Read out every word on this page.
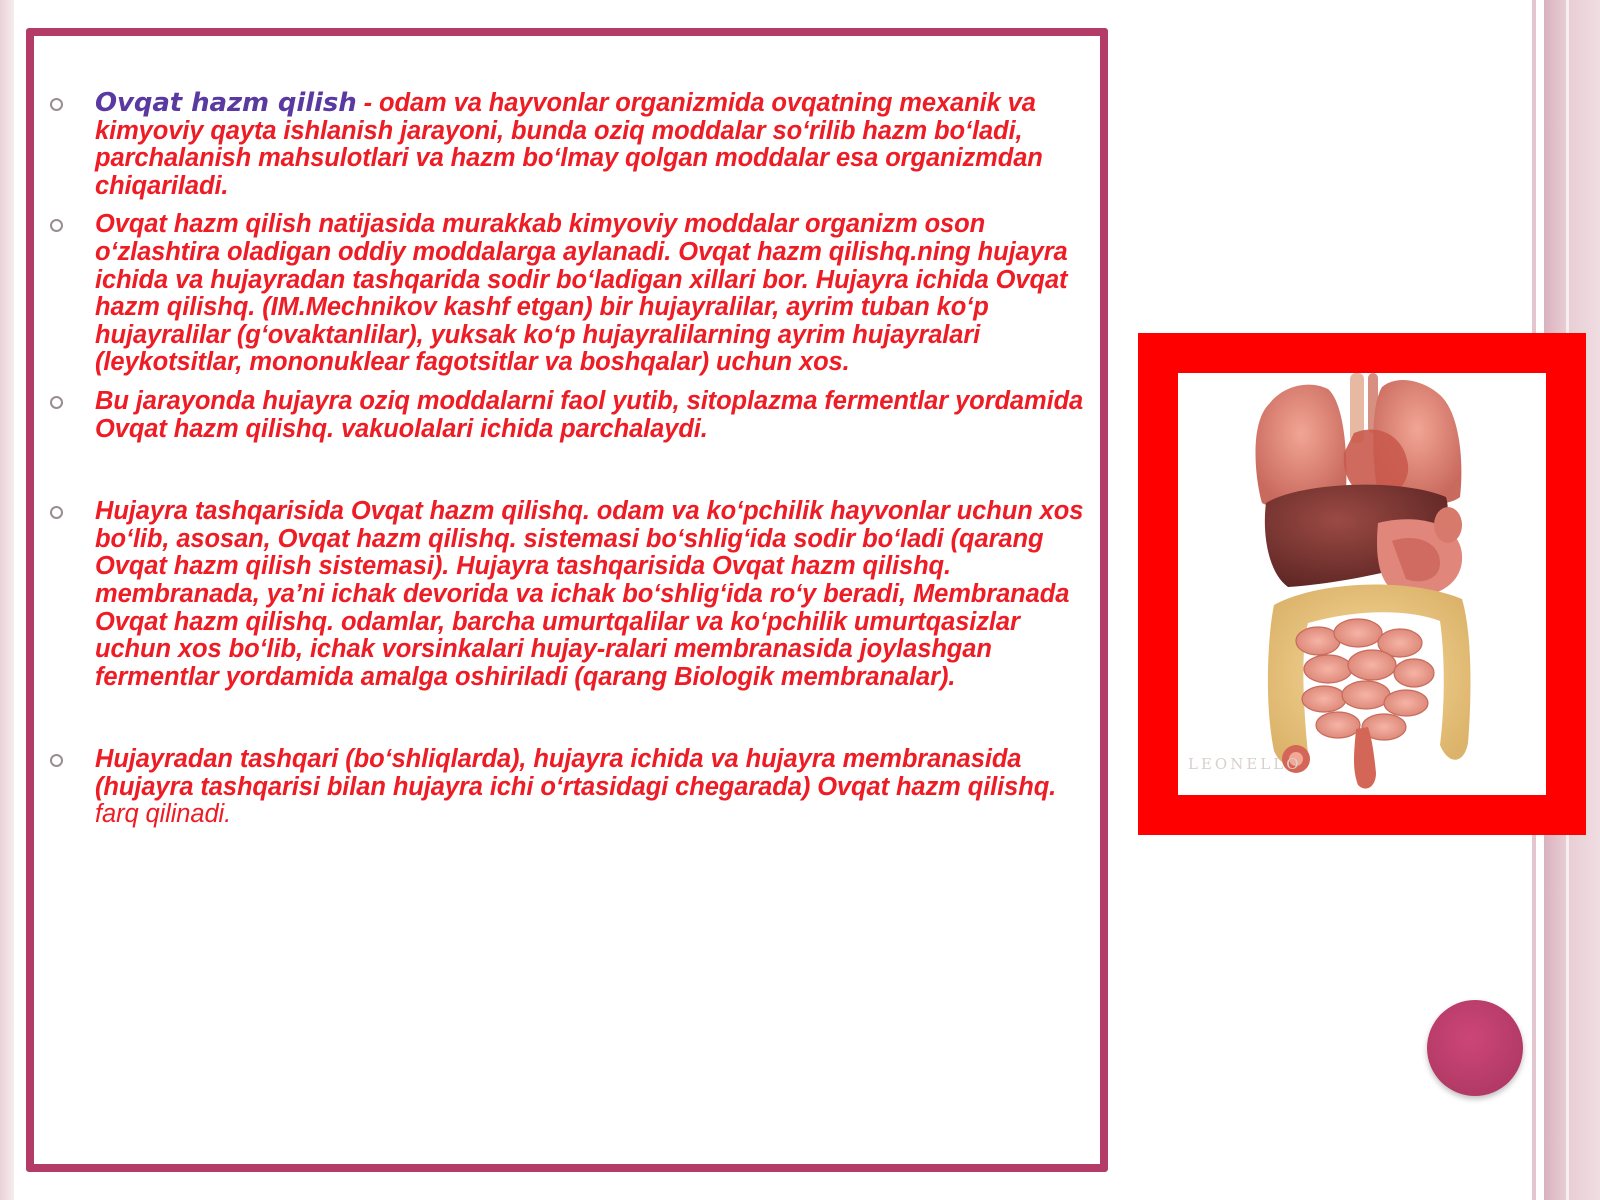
Ovqat hazm qilish - odam va hayvonlar organizmida ovqatning mexanik va kimyoviy qayta ishlanish jarayoni, bunda oziq moddalar so‘rilib hazm bo‘ladi, parchalanish mahsulotlari va hazm bo‘lmay qolgan moddalar esa organizmdan chiqariladi.
Ovqat hazm qilish natijasida murakkab kimyoviy moddalar organizm oson o‘zlashtira oladigan oddiy moddalarga aylanadi. Ovqat hazm qilishq.ning hujayra ichida va hujayradan tashqarida sodir bo‘ladigan xillari bor. Hujayra ichida Ovqat hazm qilishq. (IM.Mechnikov kashf etgan) bir hujayralilar, ayrim tuban ko‘p hujayralilar (g‘ovaktanlilar), yuksak ko‘p hujayralilarning ayrim hujayralari (leykotsitlar, mononuklear fagotsitlar va boshqalar) uchun xos.
Bu jarayonda hujayra oziq moddalarni faol yutib, sitoplazma fermentlar yordamida Ovqat hazm qilishq. vakuolalari ichida parchalaydi.
Hujayra tashqarisida Ovqat hazm qilishq. odam va ko‘pchilik hayvonlar uchun xos bo‘lib, asosan, Ovqat hazm qilishq. sistemasi bo‘shlig‘ida sodir bo‘ladi (qarang Ovqat hazm qilish sistemasi). Hujayra tashqarisida Ovqat hazm qilishq. membranada, ya’ni ichak devorida va ichak bo‘shlig‘ida ro‘y beradi, Membranada Ovqat hazm qilishq. odamlar, barcha umurtqalilar va ko‘pchilik umurtqasizlar uchun xos bo‘lib, ichak vorsinkalari hujay-ralari membranasida joylashgan fermentlar yordamida amalga oshiriladi (qarang Biologik membranalar).
Hujayradan tashqari (bo‘shliqlarda), hujayra ichida va hujayra membranasida (hujayra tashqarisi bilan hujayra ichi o‘rtasidagi chegarada) Ovqat hazm qilishq. farq qilinadi.
LEONELLO
